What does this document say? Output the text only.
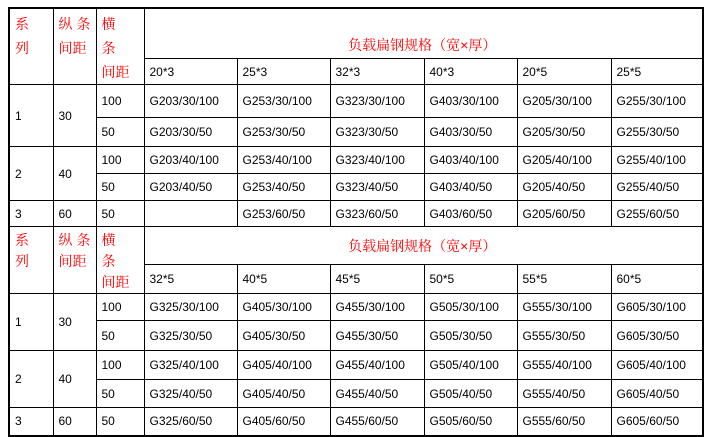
系
列

纵 条
间距

横　条
间距
	负载扁钢规格（宽×厚）
			20*3	25*3	32*3	40*3	20*5	25*5
1	30	100	G203/30/100	G253/30/100	G323/30/100	G403/30/100	G205/30/100	G255/30/100
		50	G203/30/50	G253/30/50	G323/30/50	G403/30/50	G205/30/50	G255/30/50
2	40	100	G203/40/100	G253/40/100	G323/40/100	G403/40/100	G205/40/100	G255/40/100
		50	G203/40/50	G253/40/50	G323/40/50	G403/40/50	G205/40/50	G255/40/50
3	60	50		G253/60/50	G323/60/50	G403/60/50	G205/60/50	G255/60/50

系
列

纵 条
间距

横　条
间距
	负载扁钢规格（宽×厚）
			32*5	40*5	45*5	50*5	55*5	60*5
1	30	100	G325/30/100	G405/30/100	G455/30/100	G505/30/100	G555/30/100	G605/30/100
		50	G325/30/50	G405/30/50	G455/30/50	G505/30/50	G555/30/50	G605/30/50
2	40	100	G325/40/100	G405/40/100	G455/40/100	G505/40/100	G555/40/100	G605/40/100
		50	G325/40/50	G405/40/50	G455/40/50	G505/40/50	G555/40/50	G605/40/50
3	60	50	G325/60/50	G405/60/50	G455/60/50	G505/60/50	G555/60/50	G605/60/50
